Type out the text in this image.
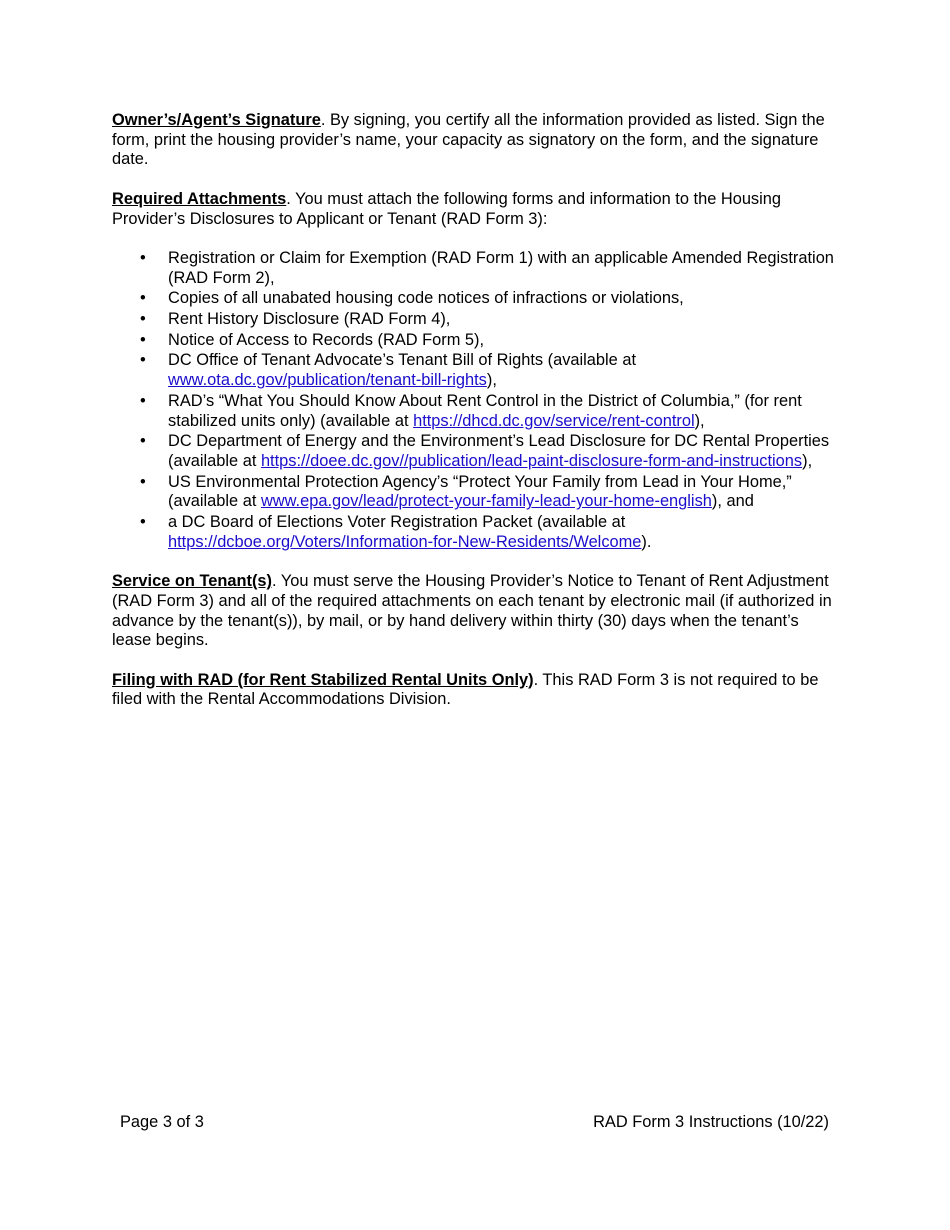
Owner’s/Agent’s Signature. By signing, you certify all the information provided as listed. Sign the form, print the housing provider’s name, your capacity as signatory on the form, and the signature date.

Required Attachments. You must attach the following forms and information to the Housing Provider’s Disclosures to Applicant or Tenant (RAD Form 3):

• Registration or Claim for Exemption (RAD Form 1) with an applicable Amended Registration (RAD Form 2),
• Copies of all unabated housing code notices of infractions or violations,
• Rent History Disclosure (RAD Form 4),
• Notice of Access to Records (RAD Form 5),
• DC Office of Tenant Advocate’s Tenant Bill of Rights (available at www.ota.dc.gov/publication/tenant-bill-rights),
• RAD’s “What You Should Know About Rent Control in the District of Columbia,” (for rent stabilized units only) (available at https://dhcd.dc.gov/service/rent-control),
• DC Department of Energy and the Environment’s Lead Disclosure for DC Rental Properties (available at https://doee.dc.gov//publication/lead-paint-disclosure-form-and-instructions),
• US Environmental Protection Agency’s “Protect Your Family from Lead in Your Home,” (available at www.epa.gov/lead/protect-your-family-lead-your-home-english), and
• a DC Board of Elections Voter Registration Packet (available at https://dcboe.org/Voters/Information-for-New-Residents/Welcome).

Service on Tenant(s). You must serve the Housing Provider’s Notice to Tenant of Rent Adjustment (RAD Form 3) and all of the required attachments on each tenant by electronic mail (if authorized in advance by the tenant(s)), by mail, or by hand delivery within thirty (30) days when the tenant’s lease begins.

Filing with RAD (for Rent Stabilized Rental Units Only). This RAD Form 3 is not required to be filed with the Rental Accommodations Division.

Page 3 of 3	RAD Form 3 Instructions (10/22)
